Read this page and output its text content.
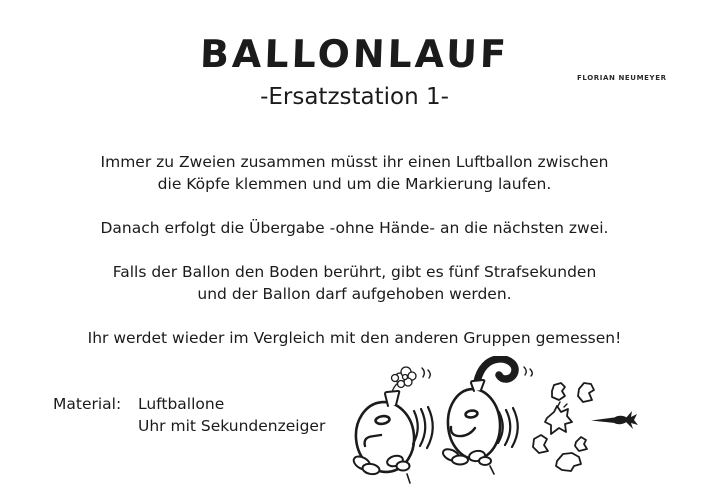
BALLONLAUF
FLORIAN NEUMEYER
-Ersatzstation 1-

Immer zu Zweien zusammen müsst ihr einen Luftballon zwischen
die Köpfe klemmen und um die Markierung laufen.

Danach erfolgt die Übergabe -ohne Hände- an die nächsten zwei.

Falls der Ballon den Boden berührt, gibt es fünf Strafsekunden
und der Ballon darf aufgehoben werden.

Ihr werdet wieder im Vergleich mit den anderen Gruppen gemessen!

Material:	Luftballone
Uhr mit Sekundenzeiger
